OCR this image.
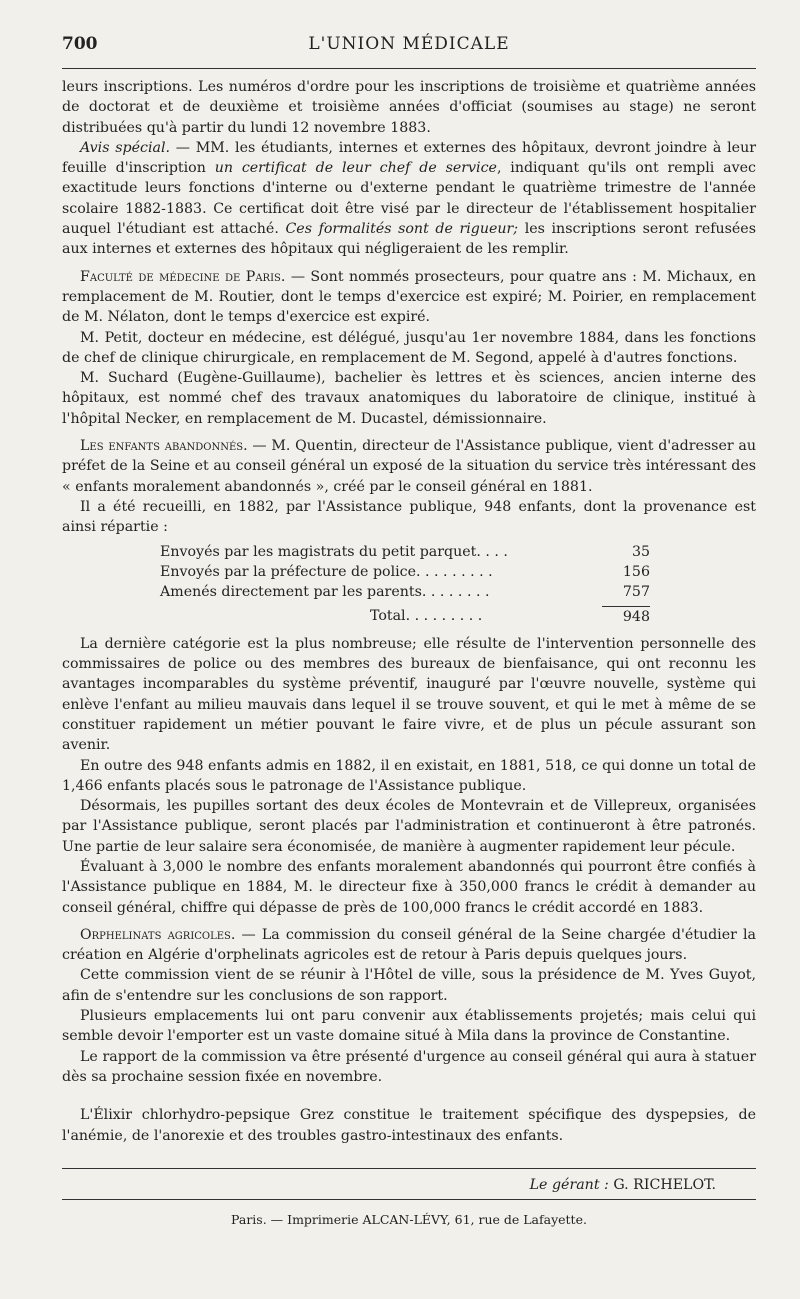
700	L'UNION MÉDICALE

leurs inscriptions. Les numéros d'ordre pour les inscriptions de troisième et quatrième années de doctorat et de deuxième et troisième années d'officiat (soumises au stage) ne seront distribuées qu'à partir du lundi 12 novembre 1883.

Avis spécial. — MM. les étudiants, internes et externes des hôpitaux, devront joindre à leur feuille d'inscription un certificat de leur chef de service, indiquant qu'ils ont rempli avec exactitude leurs fonctions d'interne ou d'externe pendant le quatrième trimestre de l'année scolaire 1882-1883. Ce certificat doit être visé par le directeur de l'établissement hospitalier auquel l'étudiant est attaché. Ces formalités sont de rigueur; les inscriptions seront refusées aux internes et externes des hôpitaux qui négligeraient de les remplir.

Faculté de médecine de Paris. — Sont nommés prosecteurs, pour quatre ans : M. Michaux, en remplacement de M. Routier, dont le temps d'exercice est expiré; M. Poirier, en remplacement de M. Nélaton, dont le temps d'exercice est expiré.

M. Petit, docteur en médecine, est délégué, jusqu'au 1er novembre 1884, dans les fonctions de chef de clinique chirurgicale, en remplacement de M. Segond, appelé à d'autres fonctions.

M. Suchard (Eugène-Guillaume), bachelier ès lettres et ès sciences, ancien interne des hôpitaux, est nommé chef des travaux anatomiques du laboratoire de clinique, institué à l'hôpital Necker, en remplacement de M. Ducastel, démissionnaire.

Les enfants abandonnés. — M. Quentin, directeur de l'Assistance publique, vient d'adresser au préfet de la Seine et au conseil général un exposé de la situation du service très intéressant des « enfants moralement abandonnés », créé par le conseil général en 1881.

Il a été recueilli, en 1882, par l'Assistance publique, 948 enfants, dont la provenance est ainsi répartie :

Envoyés par les magistrats du petit parquet. . . .	35
Envoyés par la préfecture de police. . . . . . . . .	156
Amenés directement par les parents. . . . . . . .	757
Total. . . . . . . . .	948

La dernière catégorie est la plus nombreuse; elle résulte de l'intervention personnelle des commissaires de police ou des membres des bureaux de bienfaisance, qui ont reconnu les avantages incomparables du système préventif, inauguré par l'œuvre nouvelle, système qui enlève l'enfant au milieu mauvais dans lequel il se trouve souvent, et qui le met à même de se constituer rapidement un métier pouvant le faire vivre, et de plus un pécule assurant son avenir.

En outre des 948 enfants admis en 1882, il en existait, en 1881, 518, ce qui donne un total de 1,466 enfants placés sous le patronage de l'Assistance publique.

Désormais, les pupilles sortant des deux écoles de Montevrain et de Villepreux, organisées par l'Assistance publique, seront placés par l'administration et continueront à être patronés. Une partie de leur salaire sera économisée, de manière à augmenter rapidement leur pécule.

Évaluant à 3,000 le nombre des enfants moralement abandonnés qui pourront être confiés à l'Assistance publique en 1884, M. le directeur fixe à 350,000 francs le crédit à demander au conseil général, chiffre qui dépasse de près de 100,000 francs le crédit accordé en 1883.

Orphelinats agricoles. — La commission du conseil général de la Seine chargée d'étudier la création en Algérie d'orphelinats agricoles est de retour à Paris depuis quelques jours.

Cette commission vient de se réunir à l'Hôtel de ville, sous la présidence de M. Yves Guyot, afin de s'entendre sur les conclusions de son rapport.

Plusieurs emplacements lui ont paru convenir aux établissements projetés; mais celui qui semble devoir l'emporter est un vaste domaine situé à Mila dans la province de Constantine.

Le rapport de la commission va être présenté d'urgence au conseil général qui aura à statuer dès sa prochaine session fixée en novembre.

L'Élixir chlorhydro-pepsique Grez constitue le traitement spécifique des dyspepsies, de l'anémie, de l'anorexie et des troubles gastro-intestinaux des enfants.

Le gérant : G. RICHELOT.
Paris. — Imprimerie ALCAN-LÉVY, 61, rue de Lafayette.
